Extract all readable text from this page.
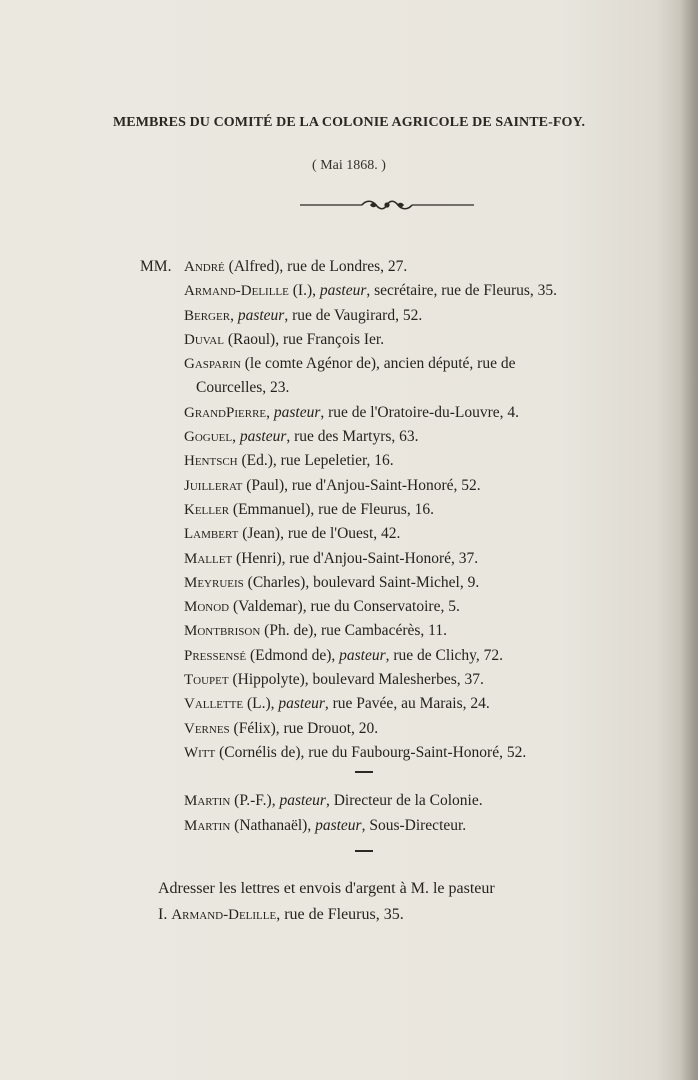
MEMBRES DU COMITÉ DE LA COLONIE AGRICOLE DE SAINTE-FOY.
( Mai 1868. )
MM. André (Alfred), rue de Londres, 27.
Armand-Delille (I.), pasteur, secrétaire, rue de Fleurus, 35.
Berger, pasteur, rue de Vaugirard, 52.
Duval (Raoul), rue François Ier.
Gasparin (le comte Agénor de), ancien député, rue de
Courcelles, 23.
GrandPierre, pasteur, rue de l'Oratoire-du-Louvre, 4.
Goguel, pasteur, rue des Martyrs, 63.
Hentsch (Ed.), rue Lepeletier, 16.
Juillerat (Paul), rue d'Anjou-Saint-Honoré, 52.
Keller (Emmanuel), rue de Fleurus, 16.
Lambert (Jean), rue de l'Ouest, 42.
Mallet (Henri), rue d'Anjou-Saint-Honoré, 37.
Meyrueis (Charles), boulevard Saint-Michel, 9.
Monod (Valdemar), rue du Conservatoire, 5.
Montbrison (Ph. de), rue Cambacérès, 11.
Pressensé (Edmond de), pasteur, rue de Clichy, 72.
Toupet (Hippolyte), boulevard Malesherbes, 37.
Vallette (L.), pasteur, rue Pavée, au Marais, 24.
Vernes (Félix), rue Drouot, 20.
Witt (Cornélis de), rue du Faubourg-Saint-Honoré, 52.
Martin (P.-F.), pasteur, Directeur de la Colonie.
Martin (Nathanaël), pasteur, Sous-Directeur.
Adresser les lettres et envois d'argent à M. le pasteur
I. Armand-Delille, rue de Fleurus, 35.
